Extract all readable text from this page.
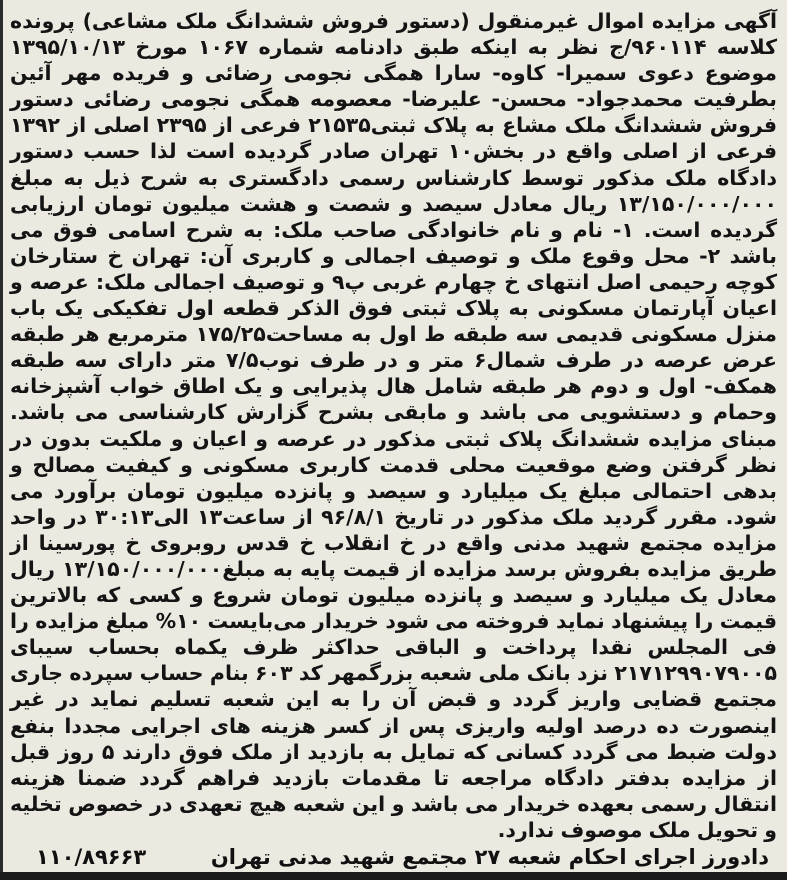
آگهی مزایده اموال غیرمنقول (دستور فروش ششدانگ ملک مشاعی) پرونده کلاسه ۹۶۰۱۱۴/ج نظر به اینکه طبق دادنامه شماره ۱۰۶۷ مورخ ۱۳۹۵/۱۰/۱۳ موضوع دعوی سمیرا- کاوه- سارا همگی نجومی رضائی و فریده مهر آئین بطرفیت محمدجواد- محسن- علیرضا- معصومه همگی نجومی رضائی دستور فروش ششدانگ ملک مشاع به پلاک ثبتی۲۱۵۳۵ فرعی از ۲۳۹۵ اصلی از ۱۳۹۲ فرعی از اصلی واقع در بخش۱۰ تهران صادر گردیده است لذا حسب دستور دادگاه ملک مذکور توسط کارشناس رسمی دادگستری به شرح ذیل به مبلغ ۱۳/۱۵۰/۰۰۰/۰۰۰ ریال معادل سیصد و شصت و هشت میلیون تومان ارزیابی گردیده است. ۱- نام و نام خانوادگی صاحب ملک: به شرح اسامی فوق می باشد ۲- محل وقوع ملک و توصیف اجمالی و کاربری آن: تهران خ ستارخان کوچه رحیمی اصل انتهای خ چهارم غربی پ۹ و توصیف اجمالی ملک: عرصه و اعیان آپارتمان مسکونی به پلاک ثبتی فوق الذکر قطعه اول تفکیکی یک باب منزل مسکونی قدیمی سه طبقه ط اول به مساحت۱۷۵/۲۵ مترمربع هر طبقه عرض عرصه در طرف شمال۶ متر و در طرف نوب۷/۵ متر دارای سه طبقه همکف- اول و دوم هر طبقه شامل هال پذیرایی و یک اطاق خواب آشپزخانه وحمام و دستشویی می باشد و مابقی بشرح گزارش کارشناسی می باشد. مبنای مزایده ششدانگ پلاک ثبتی مذکور در عرصه و اعیان و ملکیت بدون در نظر گرفتن وضع موقعیت محلی قدمت کاربری مسکونی و کیفیت مصالح و بدهی احتمالی مبلغ یک میلیارد و سیصد و پانزده میلیون تومان برآورد می شود. مقرر گردید ملک مذکور در تاریخ ۹۶/۸/۱ از ساعت۱۳ الی۳۰:۱۳ در واحد مزایده مجتمع شهید مدنی واقع در خ انقلاب خ قدس روبروی خ پورسینا از طریق مزایده بفروش برسد مزایده از قیمت پایه به مبلغ۱۳/۱۵۰/۰۰۰/۰۰۰ ریال معادل یک میلیارد و سیصد و پانزده میلیون تومان شروع و کسی که بالاترین قیمت را پیشنهاد نماید فروخته می شود خریدار می‌بایست ۱۰% مبلغ مزایده را فی المجلس نقدا پرداخت و الباقی حداکثر ظرف یکماه بحساب سیبای ۲۱۷۱۲۹۹۰۷۹۰۰۵ نزد بانک ملی شعبه بزرگمهر کد ۶۰۳ بنام حساب سپرده جاری مجتمع قضایی واریز گردد و قبض آن را به این شعبه تسلیم نماید در غیر اینصورت ده درصد اولیه واریزی پس از کسر هزینه های اجرایی مجددا بنفع دولت ضبط می گردد کسانی که تمایل به بازدید از ملک فوق دارند ۵ روز قبل از مزایده بدفتر دادگاه مراجعه تا مقدمات بازدید فراهم گردد ضمنا هزینه انتقال رسمی بعهده خریدار می باشد و این شعبه هیچ تعهدی در خصوص تخلیه و تحویل ملک موصوف ندارد.

دادورز اجرای احکام شعبه ۲۷ مجتمع شهید مدنی تهران
۱۱۰/۸۹۶۶۳
